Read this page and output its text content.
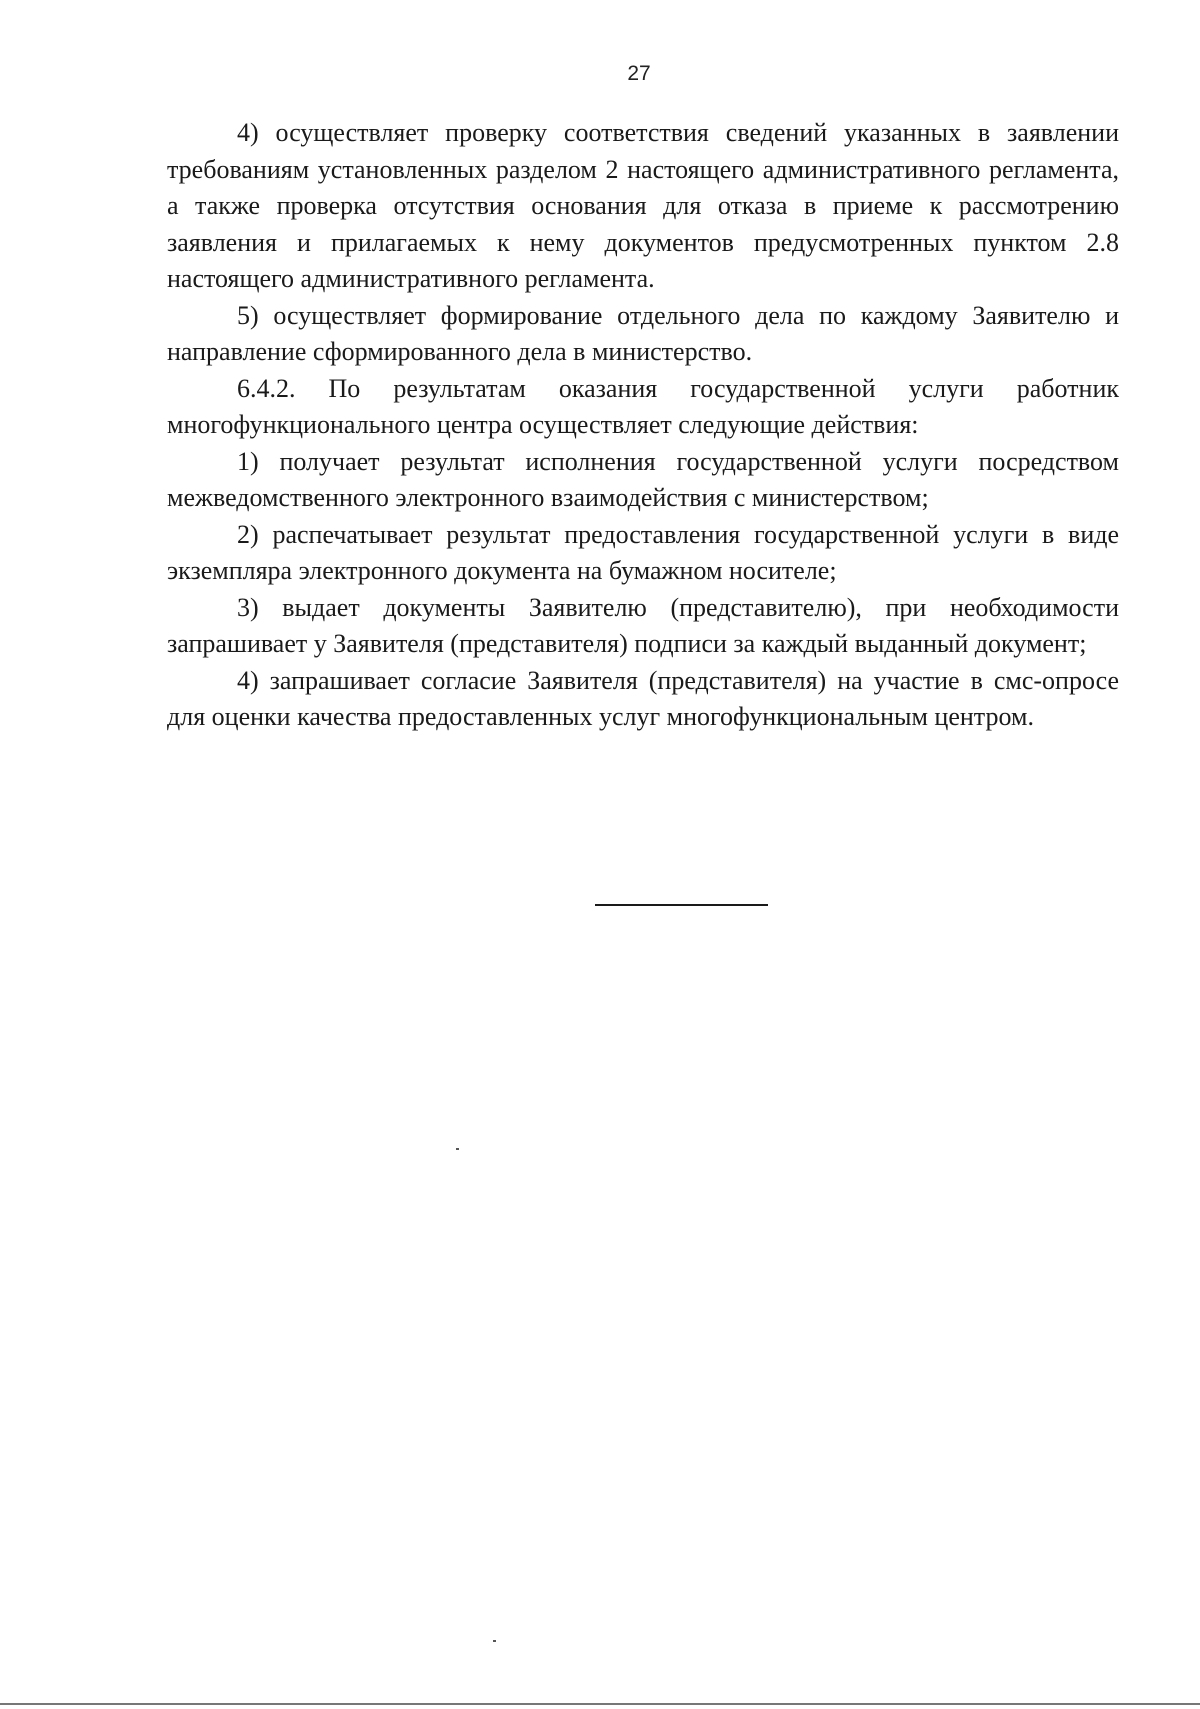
27

4) осуществляет проверку соответствия сведений указанных в заявлении требованиям установленных разделом 2 настоящего административного регламента, а также проверка отсутствия основания для отказа в приеме к рассмотрению заявления и прилагаемых к нему документов предусмотренных пунктом 2.8 настоящего административного регламента.

5) осуществляет формирование отдельного дела по каждому Заявителю и направление сформированного дела в министерство.

6.4.2. По результатам оказания государственной услуги работник многофункционального центра осуществляет следующие действия:

1) получает результат исполнения государственной услуги посредством межведомственного электронного взаимодействия с министерством;

2) распечатывает результат предоставления государственной услуги в виде экземпляра электронного документа на бумажном носителе;

3) выдает документы Заявителю (представителю), при необходимости запрашивает у Заявителя (представителя) подписи за каждый выданный документ;

4) запрашивает согласие Заявителя (представителя) на участие в смс-опросе для оценки качества предоставленных услуг многофункциональным центром.
